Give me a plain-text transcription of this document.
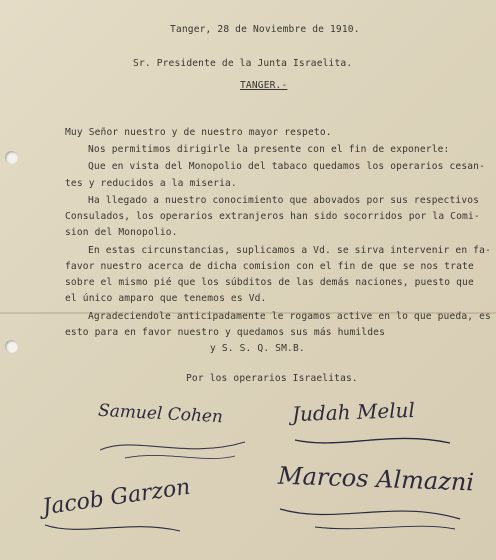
Tanger, 28 de Noviembre de 1910.
Sr. Presidente de la Junta Israelita.
TANGER.-
Muy Señor nuestro y de nuestro mayor respeto.
Nos permitimos dirigirle la presente con el fin de exponerle:
Que en vista del Monopolio del tabaco quedamos los operarios cesan-
tes y reducidos a la miseria.
Ha llegado a nuestro conocimiento que abovados por sus respectivos
Consulados, los operarios extranjeros han sido socorridos por la Comi-
sion del Monopolio.
En estas circunstancias, suplicamos a Vd. se sirva intervenir en fa-
favor nuestro acerca de dicha comision con el fin de que se nos trate
sobre el mismo pié que los súbditos de las demás naciones, puesto que
el único amparo que tenemos es Vd.
Agradeciendole anticipadamente le rogamos active en lo que pueda, es
esto para en favor nuestro y quedamos sus más humildes
y S. S. Q. SM.B.
Por los operarios Israelitas.
Samuel Cohen	Judah Melul
Marcos Almazni
Jacob Garzon
